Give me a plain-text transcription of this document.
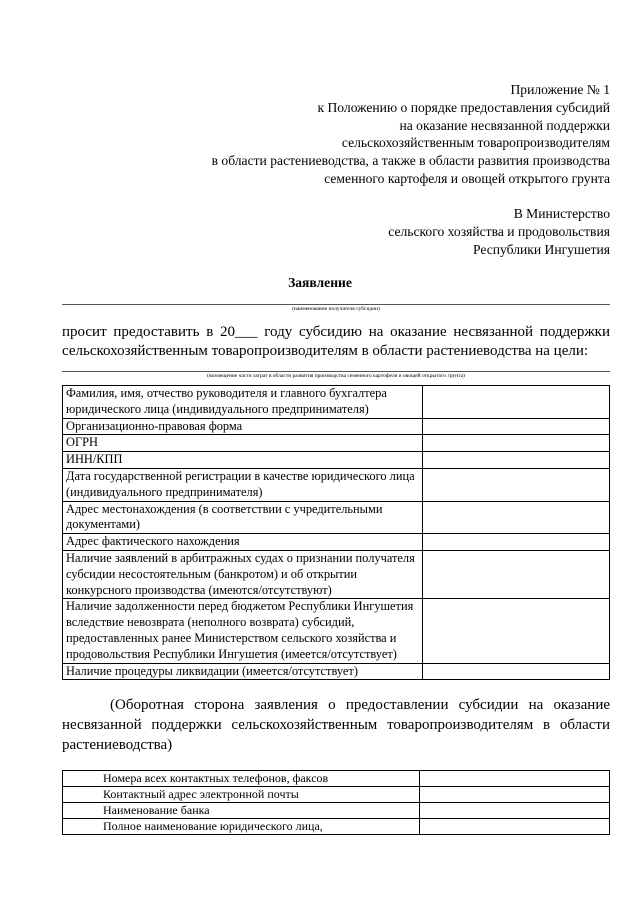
Приложение № 1
к Положению о порядке предоставления субсидий
на оказание несвязанной поддержки
сельскохозяйственным товаропроизводителям
в области растениеводства, а также в области развития производства
семенного картофеля и овощей открытого грунта
В Министерство
сельского хозяйства и продовольствия
Республики Ингушетия
Заявление
(наименование получателя субсидии)
просит предоставить в 20___ году субсидию на оказание несвязанной поддержки
сельскохозяйственным товаропроизводителям в области растениеводства на цели:
(возмещение части затрат в области развития производства семенного картофеля и овощей открытого грунта)
Фамилия, имя, отчество руководителя и главного бухгалтера юридического лица (индивидуального предпринимателя)	
Организационно-правовая форма	
ОГРН	
ИНН/КПП	
Дата государственной регистрации в качестве юридического лица (индивидуального предпринимателя)	
Адрес местонахождения (в соответствии с учредительными документами)	
Адрес фактического нахождения	
Наличие заявлений в арбитражных судах о признании получателя субсидии несостоятельным (банкротом) и об открытии конкурсного производства (имеются/отсутствуют)	
Наличие задолженности перед бюджетом Республики Ингушетия вследствие невозврата (неполного возврата) субсидий, предоставленных ранее Министерством сельского хозяйства и продовольствия Республики Ингушетия (имеется/отсутствует)	
Наличие процедуры ликвидации (имеется/отсутствует)	
(Оборотная сторона заявления о предоставлении субсидии на оказание несвязанной поддержки сельскохозяйственным товаропроизводителям в области растениеводства)
Номера всех контактных телефонов, факсов	
Контактный адрес электронной почты	
Наименование банка	
Полное наименование юридического лица,	
